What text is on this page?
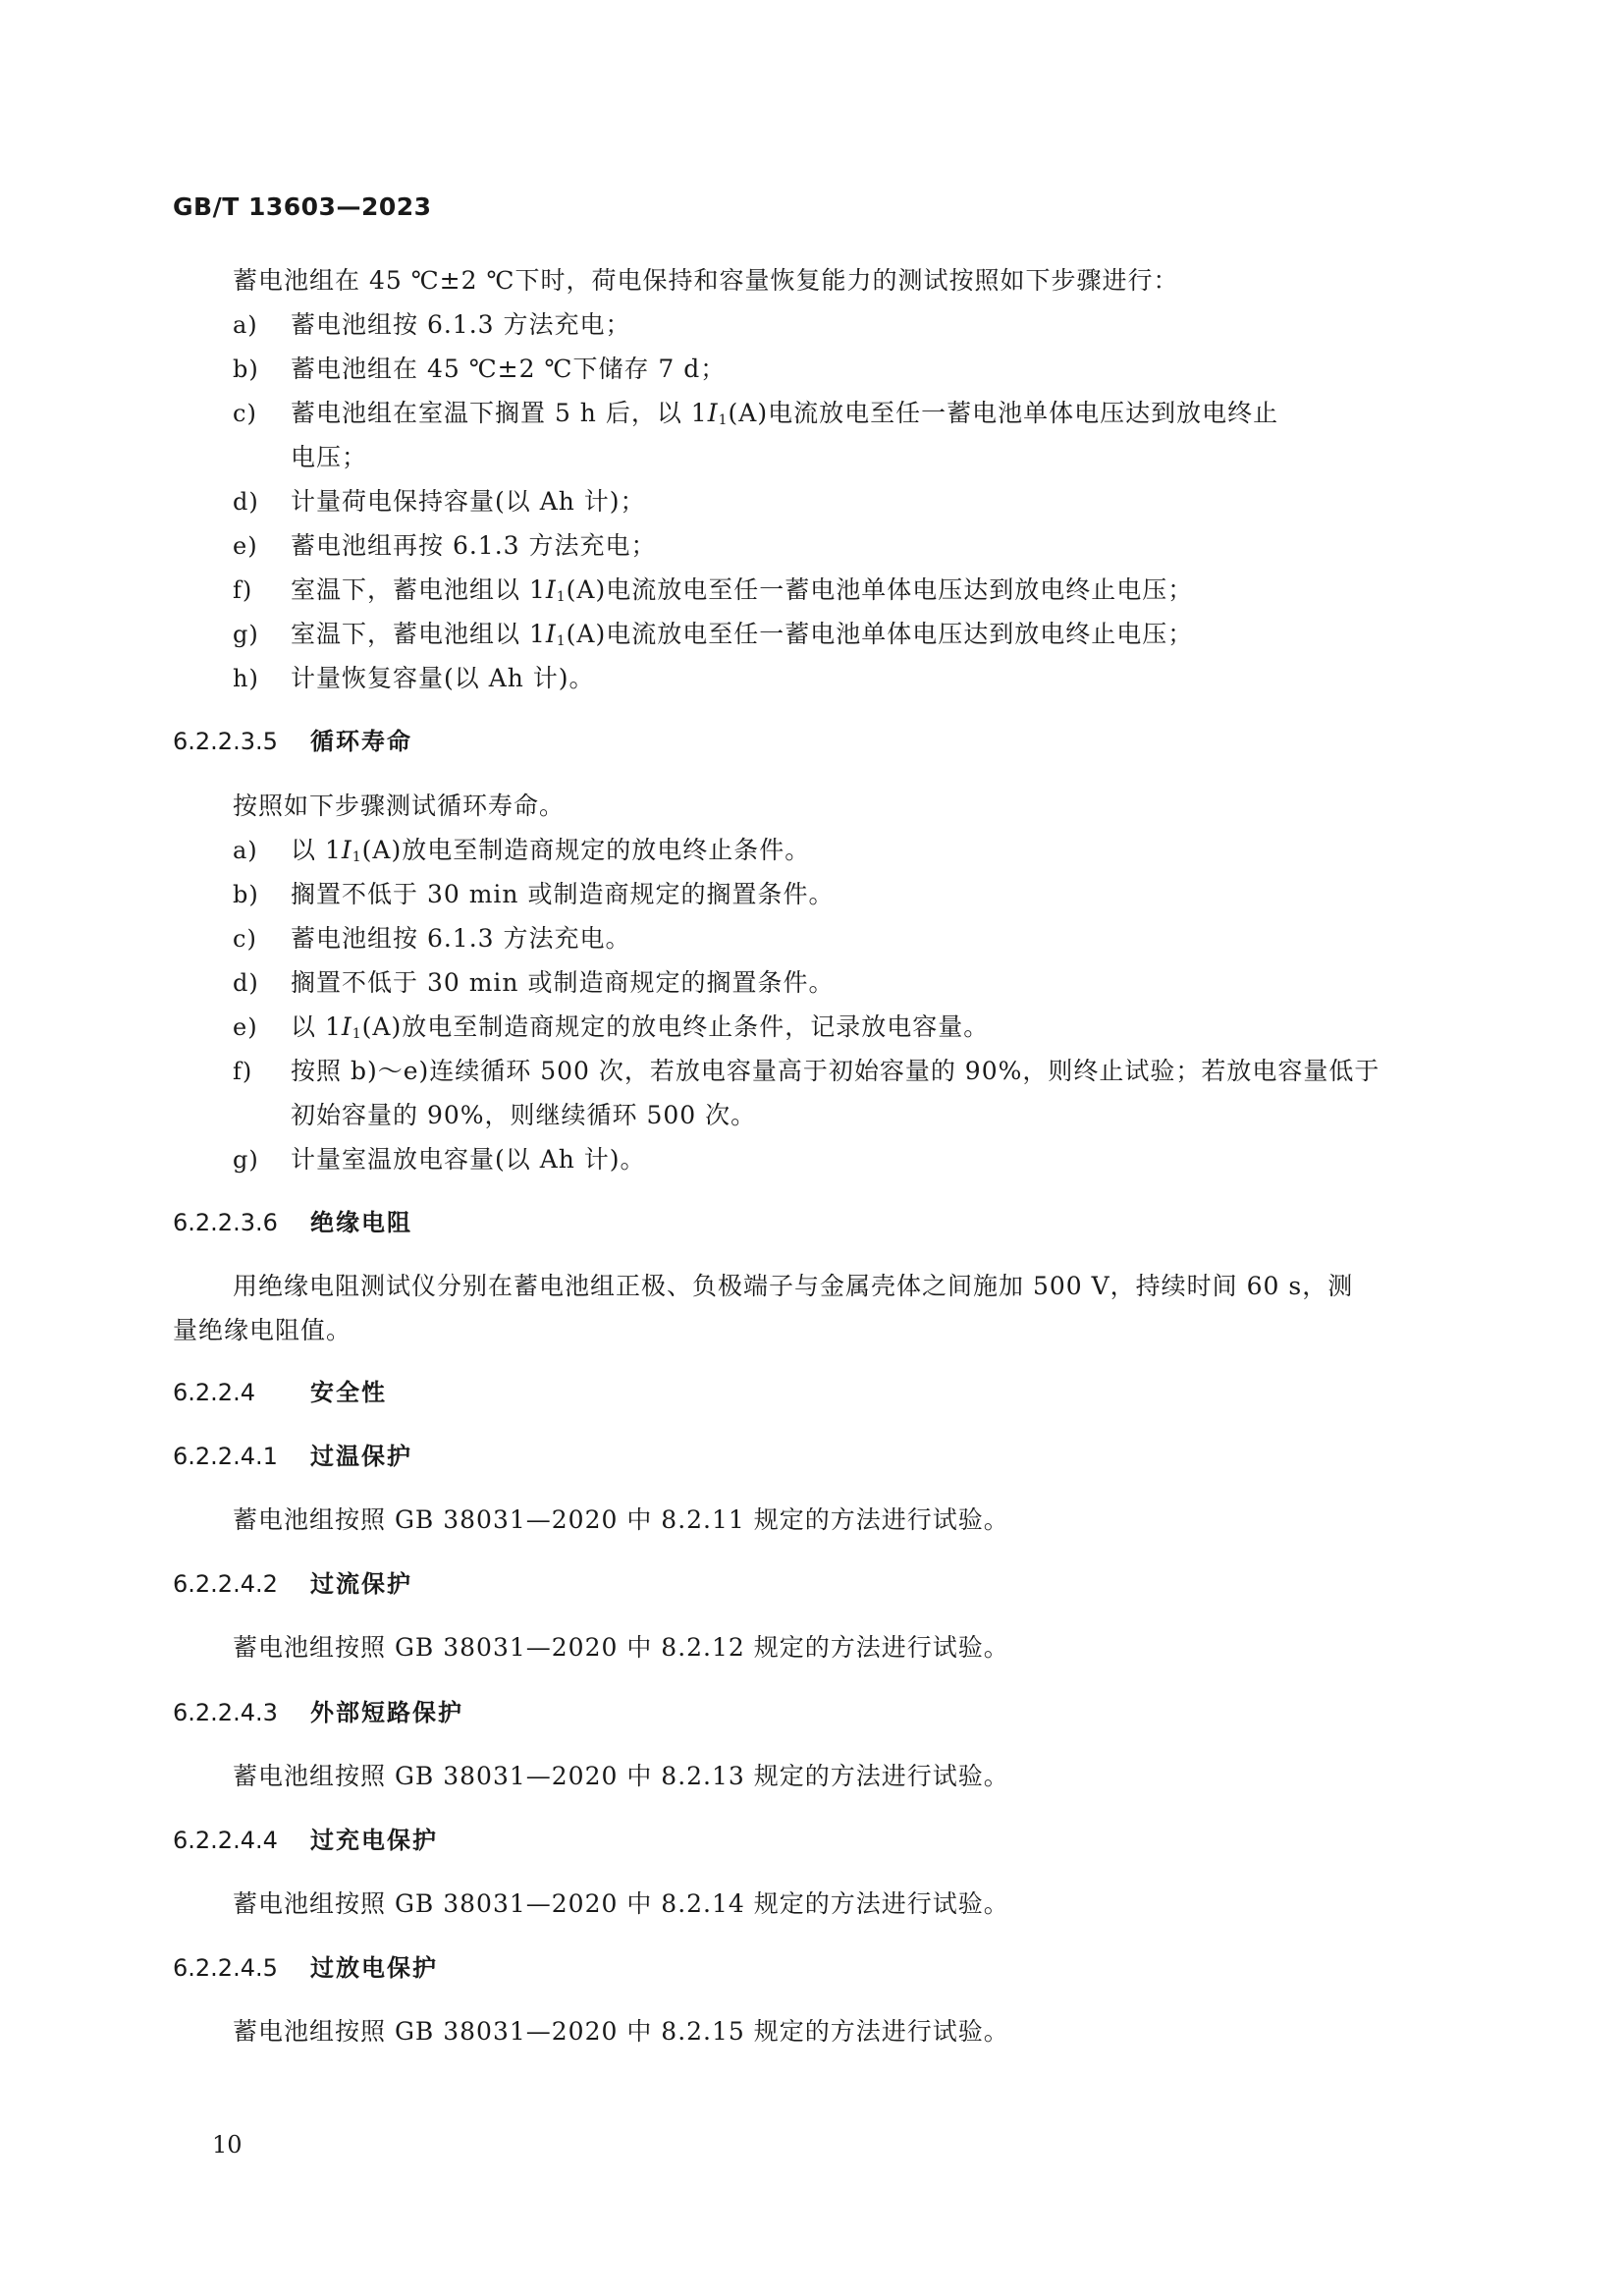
GB/T 13603—2023
蓄电池组在 45 ℃±2 ℃下时，荷电保持和容量恢复能力的测试按照如下步骤进行：
a)	蓄电池组按 6.1.3 方法充电；
b) 蓄电池组在 45 ℃±2 ℃下储存 7 d；
c)	蓄电池组在室温下搁置 5 h 后，以 $1I_1(A)$电流放电至任一蓄电池单体电压达到放电终止
电压；
d) 计量荷电保持容量(以 Ah 计)；
e)	蓄电池组再按 6.1.3 方法充电；
f)	室温下，蓄电池组以 $1I_1(A)$电流放电至任一蓄电池单体电压达到放电终止电压；
g) 室温下，蓄电池组以 $1I_1(A)$电流放电至任一蓄电池单体电压达到放电终止电压；
h) 计量恢复容量(以 Ah 计)。
6.2.2.3.5 循环寿命
按照如下步骤测试循环寿命。
a)	以 $1I_1(A)$放电至制造商规定的放电终止条件。
b) 搁置不低于 30 min 或制造商规定的搁置条件。
c)	蓄电池组按 6.1.3 方法充电。
d) 搁置不低于 30 min 或制造商规定的搁置条件。
e)	以 $1I_1(A)$放电至制造商规定的放电终止条件，记录放电容量。
f)	按照 b)～e)连续循环 500 次，若放电容量高于初始容量的 90%，则终止试验；若放电容量低于
初始容量的 90%，则继续循环 500 次。
g) 计量室温放电容量(以 Ah 计)。
6.2.2.3.6 绝缘电阻
用绝缘电阻测试仪分别在蓄电池组正极、负极端子与金属壳体之间施加 500 V，持续时间 60 s，测
量绝缘电阻值。
6.2.2.4 安全性
6.2.2.4.1 过温保护
蓄电池组按照 GB 38031—2020 中 8.2.11 规定的方法进行试验。
6.2.2.4.2 过流保护
蓄电池组按照 GB 38031—2020 中 8.2.12 规定的方法进行试验。
6.2.2.4.3 外部短路保护
蓄电池组按照 GB 38031—2020 中 8.2.13 规定的方法进行试验。
6.2.2.4.4 过充电保护
蓄电池组按照 GB 38031—2020 中 8.2.14 规定的方法进行试验。
6.2.2.4.5 过放电保护
蓄电池组按照 GB 38031—2020 中 8.2.15 规定的方法进行试验。
10
